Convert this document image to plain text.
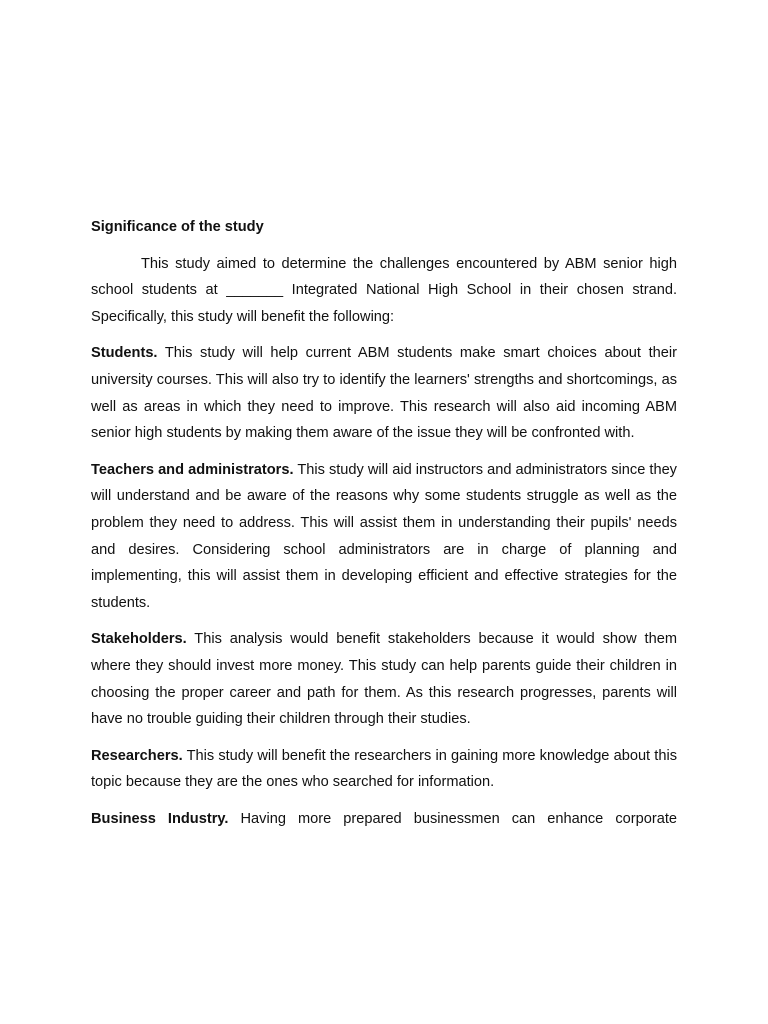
Significance of the study

This study aimed to determine the challenges encountered by ABM senior high school students at _______ Integrated National High School in their chosen strand. Specifically, this study will benefit the following:

Students. This study will help current ABM students make smart choices about their university courses. This will also try to identify the learners' strengths and shortcomings, as well as areas in which they need to improve. This research will also aid incoming ABM senior high students by making them aware of the issue they will be confronted with.

Teachers and administrators. This study will aid instructors and administrators since they will understand and be aware of the reasons why some students struggle as well as the problem they need to address. This will assist them in understanding their pupils' needs and desires. Considering school administrators are in charge of planning and implementing, this will assist them in developing efficient and effective strategies for the students.

Stakeholders. This analysis would benefit stakeholders because it would show them where they should invest more money. This study can help parents guide their children in choosing the proper career and path for them. As this research progresses, parents will have no trouble guiding their children through their studies.

Researchers. This study will benefit the researchers in gaining more knowledge about this topic because they are the ones who searched for information.

Business Industry. Having more prepared businessmen can enhance corporate
